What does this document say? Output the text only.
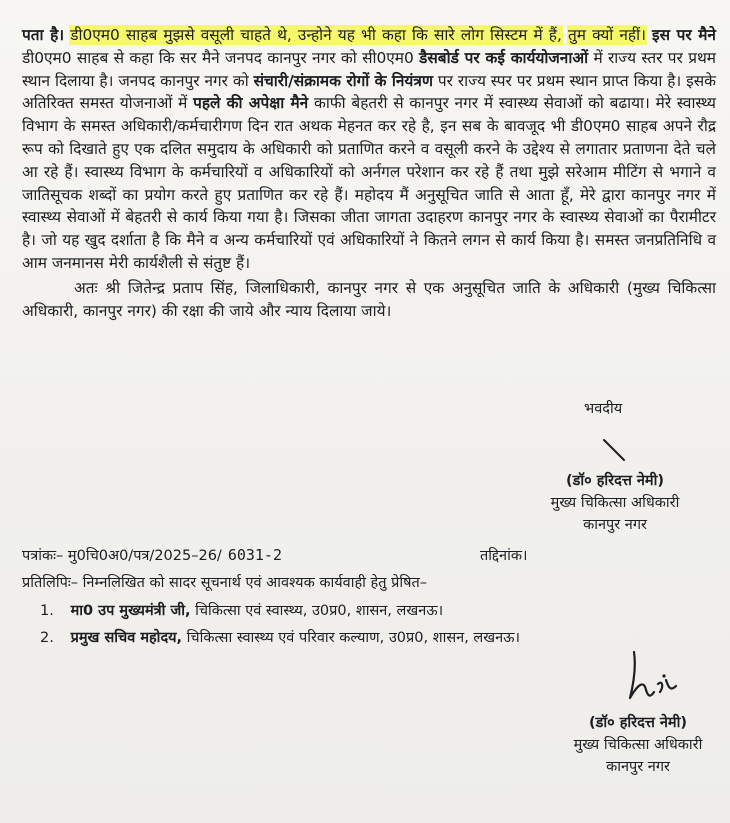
पता है। डी0एम0 साहब मुझसे वसूली चाहते थे, उन्होने यह भी कहा कि सारे लोग सिस्टम में हैं, तुम क्यों नहीं। इस पर मैने डी0एम0 साहब से कहा कि सर मैने जनपद कानपुर नगर को सी0एम0 डैसबोर्ड पर कई कार्ययोजनाओं में राज्य स्तर पर प्रथम स्थान दिलाया है। जनपद कानपुर नगर को संचारी/संक्रामक रोगों के नियंत्रण पर राज्य स्पर पर प्रथम स्थान प्राप्त किया है। इसके अतिरिक्त समस्त योजनाओं में पहले की अपेक्षा मैने काफी बेहतरी से कानपुर नगर में स्वास्थ्य सेवाओं को बढाया। मेरे स्वास्थ्य विभाग के समस्त अधिकारी/कर्मचारीगण दिन रात अथक मेहनत कर रहे है, इन सब के बावजूद भी डी0एम0 साहब अपने रौद्र रूप को दिखाते हुए एक दलित समुदाय के अधिकारी को प्रताणित करने व वसूली करने के उद्देश्य से लगातार प्रताणना देते चले आ रहे हैं। स्वास्थ्य विभाग के कर्मचारियों व अधिकारियों को अर्नगल परेशान कर रहे हैं तथा मुझे सरेआम मीटिंग से भगाने व जातिसूचक शब्दों का प्रयोग करते हुए प्रताणित कर रहे हैं। महोदय मैं अनुसूचित जाति से आता हूँ, मेरे द्वारा कानपुर नगर में स्वास्थ्य सेवाओं में बेहतरी से कार्य किया गया है। जिसका जीता जागता उदाहरण कानपुर नगर के स्वास्थ्य सेवाओं का पैरामीटर है। जो यह खुद दर्शाता है कि मैने व अन्य कर्मचारियों एवं अधिकारियों ने कितने लगन से कार्य किया है। समस्त जनप्रतिनिधि व आम जनमानस मेरी कार्यशैली से संतुष्ट हैं।

अतः श्री जितेन्द्र प्रताप सिंह, जिलाधिकारी, कानपुर नगर से एक अनुसूचित जाति के अधिकारी (मुख्य चिकित्सा अधिकारी, कानपुर नगर) की रक्षा की जाये और न्याय दिलाया जाये।

भवदीय
(डॉ० हरिदत्त नेमी)
मुख्य चिकित्सा अधिकारी
कानपुर नगर
पत्रांकः– मु0चि0अ0/पत्र/2025–26/ 6031-2	तद्दिनांक।
प्रतिलिपिः– निम्नलिखित को सादर सूचनार्थ एवं आवश्यक कार्यवाही हेतु प्रेषित–
1. मा0 उप मुख्यमंत्री जी, चिकित्सा एवं स्वास्थ्य, उ0प्र0, शासन, लखनऊ।
2. प्रमुख सचिव महोदय, चिकित्सा स्वास्थ्य एवं परिवार कल्याण, उ0प्र0, शासन, लखनऊ।
(डॉ० हरिदत्त नेमी)
मुख्य चिकित्सा अधिकारी
कानपुर नगर
